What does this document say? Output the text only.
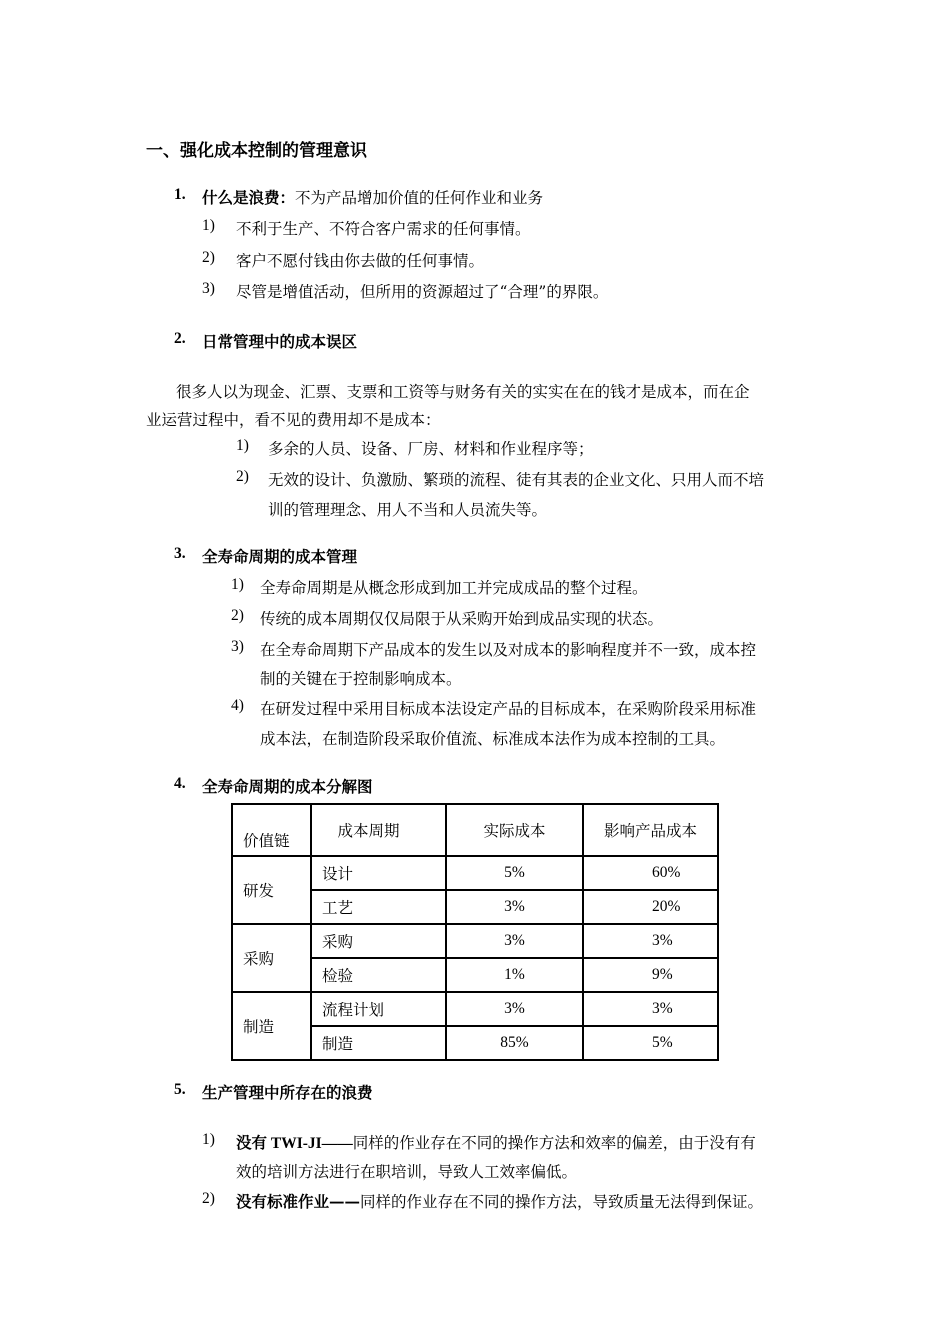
一、强化成本控制的管理意识
1. 什么是浪费：不为产品增加价值的任何作业和业务
1) 不利于生产、不符合客户需求的任何事情。
2) 客户不愿付钱由你去做的任何事情。
3) 尽管是增值活动，但所用的资源超过了“合理”的界限。
2. 日常管理中的成本误区
很多人以为现金、汇票、支票和工资等与财务有关的实实在在的钱才是成本，而在企
业运营过程中，看不见的费用却不是成本：
1) 多余的人员、设备、厂房、材料和作业程序等；
2) 无效的设计、负激励、繁琐的流程、徒有其表的企业文化、只用人而不培
训的管理理念、用人不当和人员流失等。
3. 全寿命周期的成本管理
1) 全寿命周期是从概念形成到加工并完成成品的整个过程。
2) 传统的成本周期仅仅局限于从采购开始到成品实现的状态。
3) 在全寿命周期下产品成本的发生以及对成本的影响程度并不一致，成本控
制的关键在于控制影响成本。
4) 在研发过程中采用目标成本法设定产品的目标成本，在采购阶段采用标准
成本法，在制造阶段采取价值流、标准成本法作为成本控制的工具。
4. 全寿命周期的成本分解图
价值链	成本周期	实际成本	影响产品成本
研发	设计	5%	60%
	工艺	3%	20%
采购	采购	3%	3%
	检验	1%	9%
制造	流程计划	3%	3%
	制造	85%	5%
5. 生产管理中所存在的浪费
1) 没有 TWI-JI——同样的作业存在不同的操作方法和效率的偏差，由于没有有
效的培训方法进行在职培训，导致人工效率偏低。
2) 没有标准作业——同样的作业存在不同的操作方法，导致质量无法得到保证。
